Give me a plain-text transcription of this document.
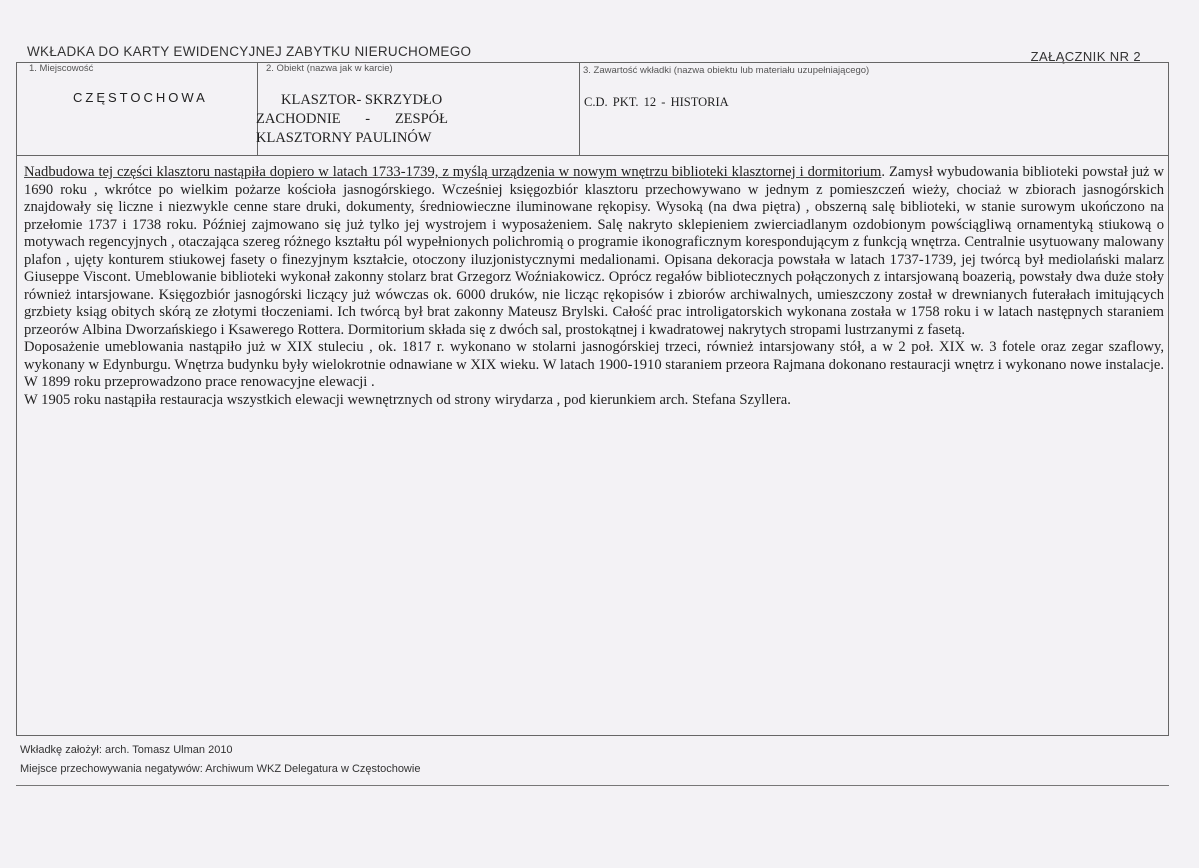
WKŁADKA DO KARTY EWIDENCYJNEJ ZABYTKU NIERUCHOMEGO	ZAŁĄCZNIK NR 2
1. Miejscowość
CZĘSTOCHOWA
2. Obiekt (nazwa jak w karcie)
KLASZTOR- SKRZYDŁO
ZACHODNIE - ZESPÓŁ
KLASZTORNY PAULINÓW
3. Zawartość wkładki (nazwa obiektu lub materiału uzupełniającego)
C.D. PKT. 12 - HISTORIA

Nadbudowa tej części klasztoru nastąpiła dopiero w latach 1733-1739, z myślą urządzenia w nowym wnętrzu biblioteki klasztornej i dormitorium. Zamysł wybudowania biblioteki powstał już w 1690 roku , wkrótce po wielkim pożarze kościoła jasnogórskiego. Wcześniej księgozbiór klasztoru przechowywano w jednym z pomieszczeń wieży, chociaż w zbiorach jasnogórskich znajdowały się liczne i niezwykle cenne stare druki, dokumenty, średniowieczne iluminowane rękopisy. Wysoką (na dwa piętra) , obszerną salę biblioteki, w stanie surowym ukończono na przełomie 1737 i 1738 roku. Później zajmowano się już tylko jej wystrojem i wyposażeniem. Salę nakryto sklepieniem zwierciadlanym ozdobionym powściągliwą ornamentyką stiukową o motywach regencyjnych , otaczająca szereg różnego kształtu pól wypełnionych polichromią o programie ikonograficznym korespondującym z funkcją wnętrza. Centralnie usytuowany malowany plafon , ujęty konturem stiukowej fasety o finezyjnym kształcie, otoczony iluzjonistycznymi medalionami. Opisana dekoracja powstała w latach 1737-1739, jej twórcą był mediolański malarz Giuseppe Viscont. Umeblowanie biblioteki wykonał zakonny stolarz brat Grzegorz Woźniakowicz. Oprócz regałów bibliotecznych połączonych z intarsjowaną boazerią, powstały dwa duże stoły również intarsjowane. Księgozbiór jasnogórski liczący już wówczas ok. 6000 druków, nie licząc rękopisów i zbiorów archiwalnych, umieszczony został w drewnianych futerałach imitujących grzbiety ksiąg obitych skórą ze złotymi tłoczeniami. Ich twórcą był brat zakonny Mateusz Brylski. Całość prac introligatorskich wykonana została w 1758 roku i w latach następnych staraniem przeorów Albina Dworzańskiego i Ksawerego Rottera. Dormitorium składa się z dwóch sal, prostokątnej i kwadratowej nakrytych stropami lustrzanymi z fasetą.

Doposażenie umeblowania nastąpiło już w XIX stuleciu , ok. 1817 r. wykonano w stolarni jasnogórskiej trzeci, również intarsjowany stół, a w 2 poł. XIX w. 3 fotele oraz zegar szaflowy, wykonany w Edynburgu. Wnętrza budynku były wielokrotnie odnawiane w XIX wieku. W latach 1900-1910 staraniem przeora Rajmana dokonano restauracji wnętrz i wykonano nowe instalacje. W 1899 roku przeprowadzono prace renowacyjne elewacji .

W 1905 roku nastąpiła restauracja wszystkich elewacji wewnętrznych od strony wirydarza , pod kierunkiem arch. Stefana Szyllera.

Wkładkę założył: arch. Tomasz Ulman 2010
Miejsce przechowywania negatywów: Archiwum WKZ Delegatura w Częstochowie
